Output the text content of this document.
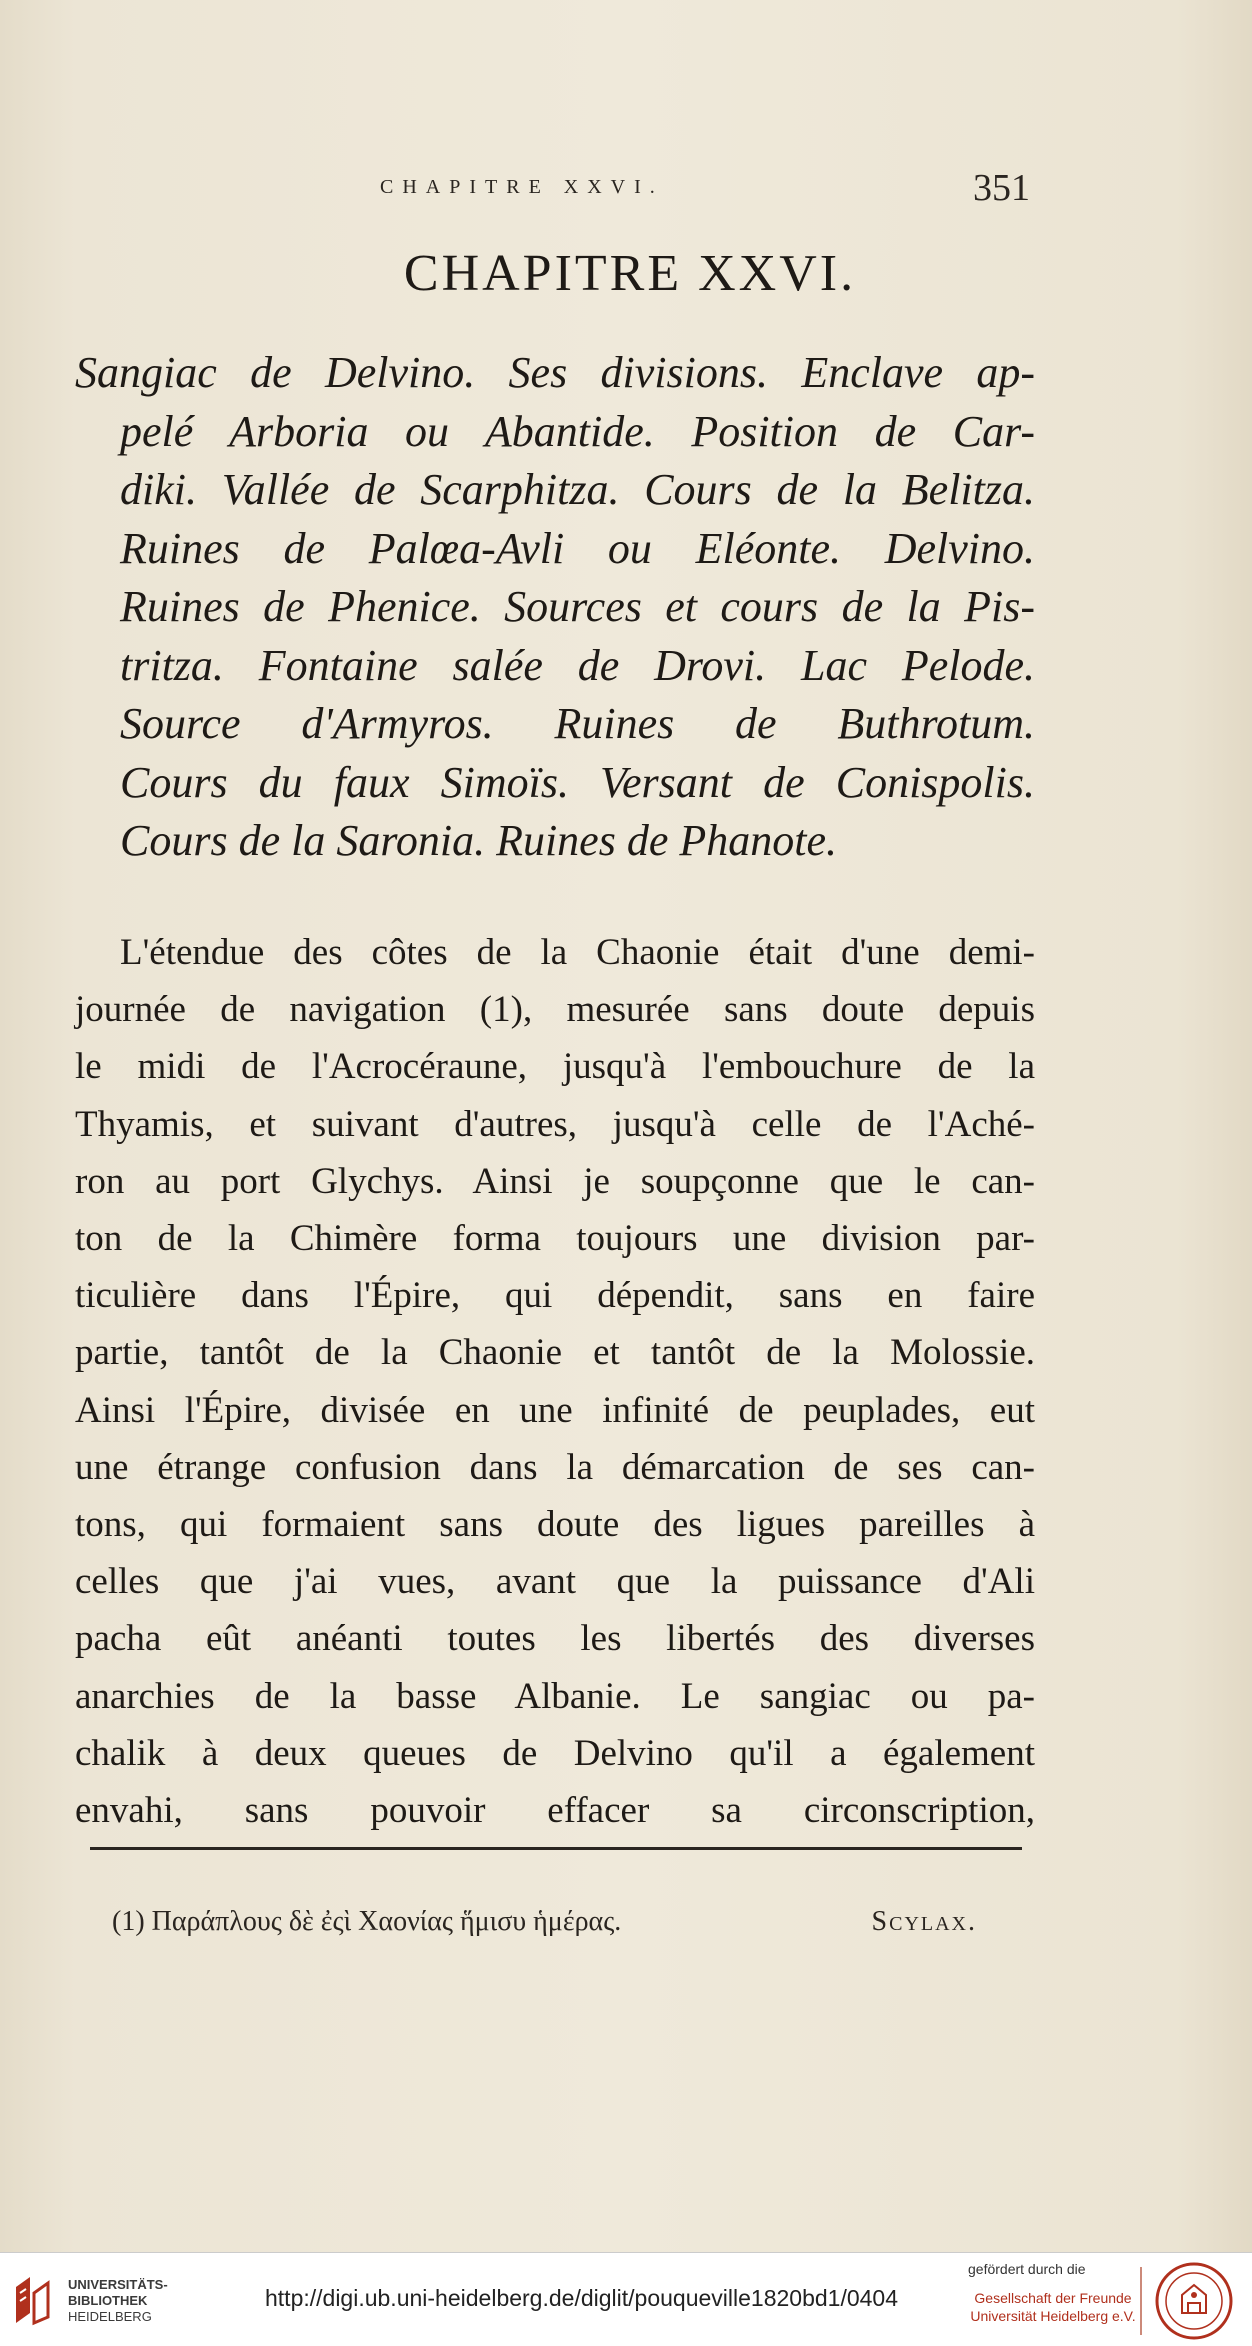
CHAPITRE XXVI.	351
CHAPITRE XXVI.
Sangiac de Delvino. Ses divisions. Enclave ap-
pelé Arboria ou Abantide. Position de Car-
diki. Vallée de Scarphitza. Cours de la Belitza.
Ruines de Palœa-Avli ou Eléonte. Delvino.
Ruines de Phenice. Sources et cours de la Pis-
tritza. Fontaine salée de Drovi. Lac Pelode.
Source d'Armyros. Ruines de Buthrotum.
Cours du faux Simoïs. Versant de Conispolis.
Cours de la Saronia. Ruines de Phanote.
L'étendue des côtes de la Chaonie était d'une demi-
journée de navigation (1), mesurée sans doute depuis
le midi de l'Acrocéraune, jusqu'à l'embouchure de la
Thyamis, et suivant d'autres, jusqu'à celle de l'Aché-
ron au port Glychys. Ainsi je soupçonne que le can-
ton de la Chimère forma toujours une division par-
ticulière dans l'Épire, qui dépendit, sans en faire
partie, tantôt de la Chaonie et tantôt de la Molossie.
Ainsi l'Épire, divisée en une infinité de peuplades, eut
une étrange confusion dans la démarcation de ses can-
tons, qui formaient sans doute des ligues pareilles à
celles que j'ai vues, avant que la puissance d'Ali
pacha eût anéanti toutes les libertés des diverses
anarchies de la basse Albanie. Le sangiac ou pa-
chalik à deux queues de Delvino qu'il a également
envahi, sans pouvoir effacer sa circonscription,
(1) Παράπλους δὲ ἐςὶ Χαονίας ἥμισυ ἡμέρας.	Scylax.
UNIVERSITÄTS-
BIBLIOTHEK
HEIDELBERG
http://digi.ub.uni-heidelberg.de/diglit/pouqueville1820bd1/0404
gefördert durch die
Gesellschaft der Freunde
Universität Heidelberg e.V.
